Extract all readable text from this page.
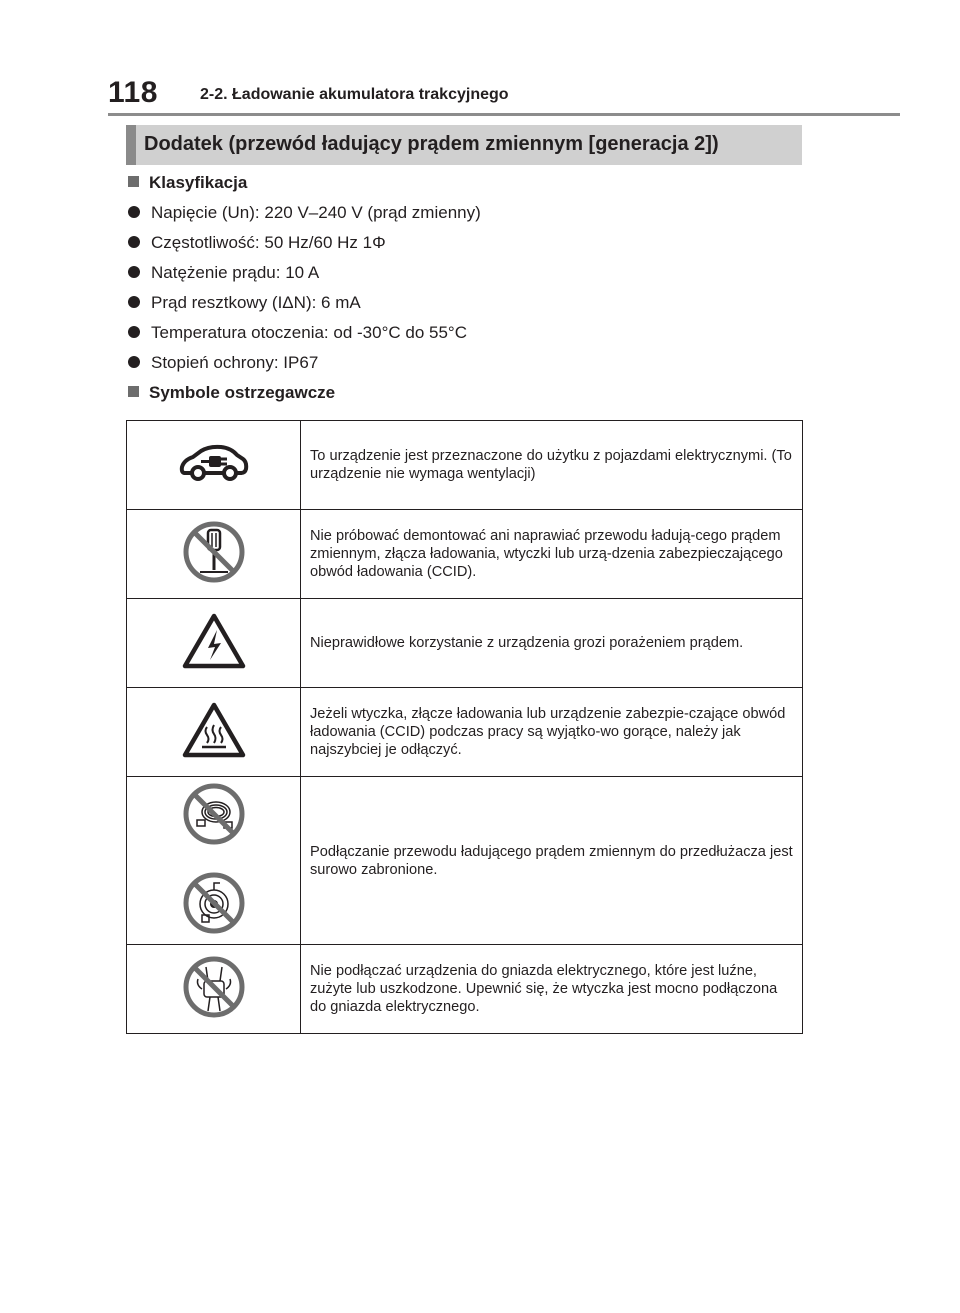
118	2-2. Ładowanie akumulatora trakcyjnego
Dodatek (przewód ładujący prądem zmiennym [generacja 2])
Klasyfikacja
Napięcie (Un): 220 V–240 V (prąd zmienny)
Częstotliwość: 50 Hz/60 Hz 1Φ
Natężenie prądu: 10 A
Prąd resztkowy (IΔN): 6 mA
Temperatura otoczenia: od -30°C do 55°C
Stopień ochrony: IP67
Symbole ostrzegawcze
	To urządzenie jest przeznaczone do użytku z pojazdami elektrycznymi. (To urządzenie nie wymaga wentylacji)
	Nie próbować demontować ani naprawiać przewodu ładują-cego prądem zmiennym, złącza ładowania, wtyczki lub urzą-dzenia zabezpieczającego obwód ładowania (CCID).
	Nieprawidłowe korzystanie z urządzenia grozi porażeniem prądem.
	Jeżeli wtyczka, złącze ładowania lub urządzenie zabezpie-czające obwód ładowania (CCID) podczas pracy są wyjątko-wo gorące, należy jak najszybciej je odłączyć.

	Podłączanie przewodu ładującego prądem zmiennym do przedłużacza jest surowo zabronione.
	Nie podłączać urządzenia do gniazda elektrycznego, które jest luźne, zużyte lub uszkodzone. Upewnić się, że wtyczka jest mocno podłączona do gniazda elektrycznego.
